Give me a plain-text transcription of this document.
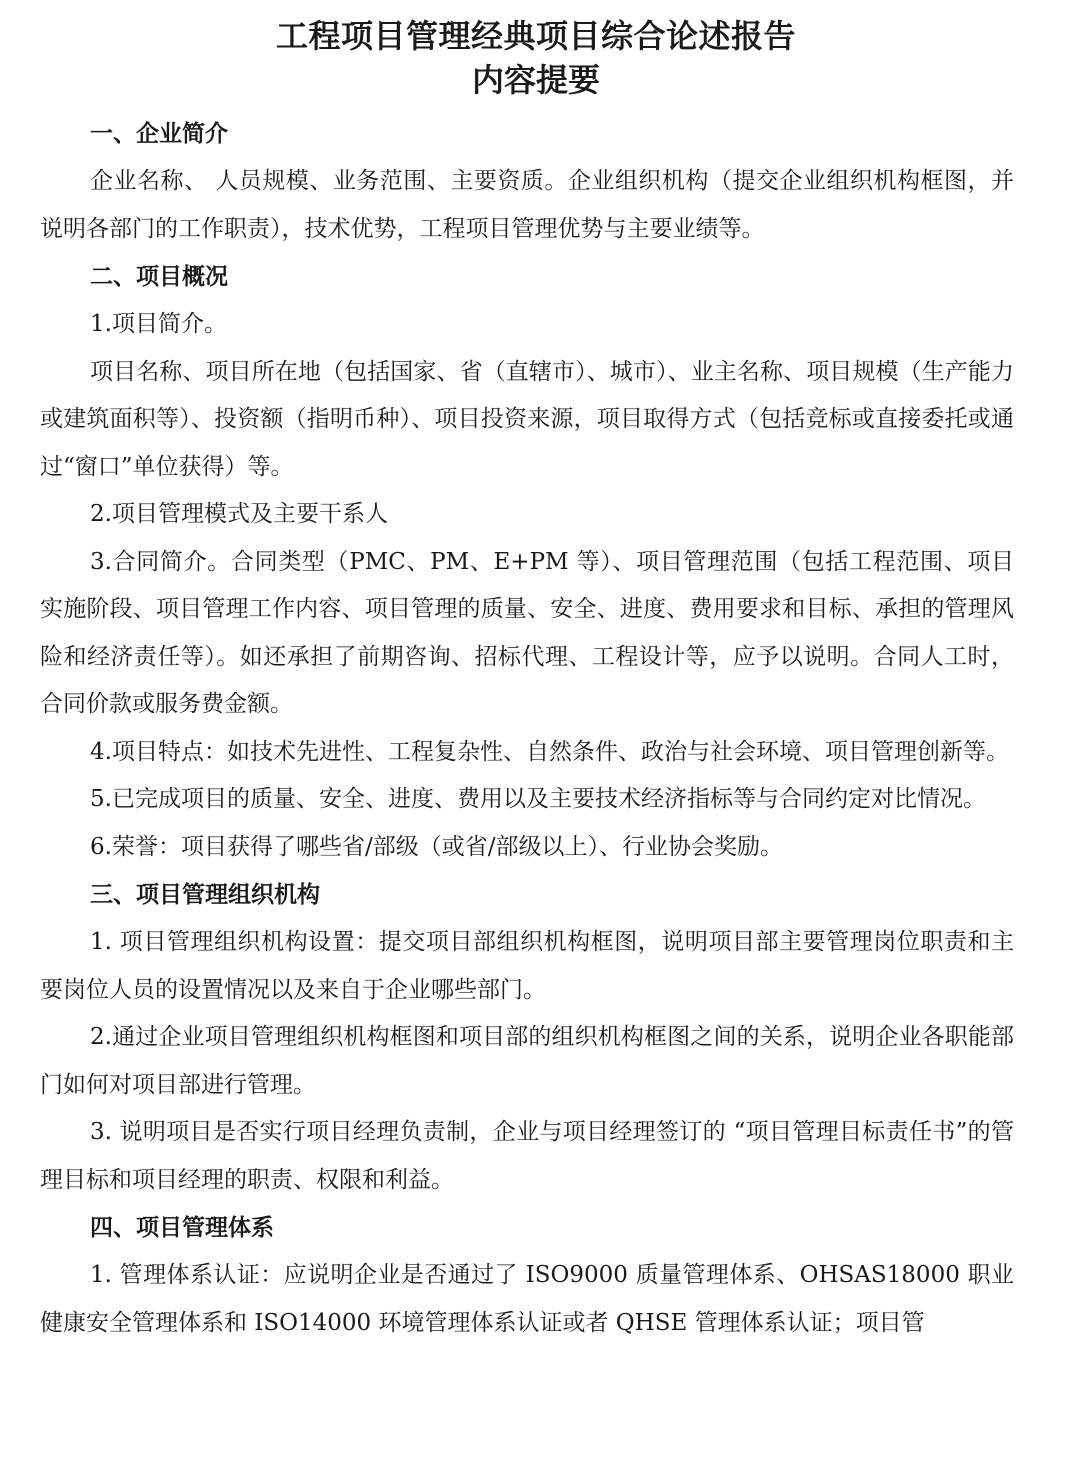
工程项目管理经典项目综合论述报告
内容提要
一、企业简介

企业名称、 人员规模、业务范围、主要资质。企业组织机构（提交企业组织机构框图，并说明各部门的工作职责），技术优势，工程项目管理优势与主要业绩等。

二、项目概况

1.项目简介。

项目名称、项目所在地（包括国家、省（直辖市）、城市）、业主名称、项目规模（生产能力或建筑面积等）、投资额（指明币种）、项目投资来源，项目取得方式（包括竞标或直接委托或通过“窗口”单位获得）等。

2.项目管理模式及主要干系人

3.合同简介。合同类型（PMC、PM、E+PM 等）、项目管理范围（包括工程范围、项目实施阶段、项目管理工作内容、项目管理的质量、安全、进度、费用要求和目标、承担的管理风险和经济责任等）。如还承担了前期咨询、招标代理、工程设计等，应予以说明。合同人工时，合同价款或服务费金额。

4.项目特点：如技术先进性、工程复杂性、自然条件、政治与社会环境、项目管理创新等。

5.已完成项目的质量、安全、进度、费用以及主要技术经济指标等与合同约定对比情况。

6.荣誉：项目获得了哪些省/部级（或省/部级以上）、行业协会奖励。

三、项目管理组织机构

1. 项目管理组织机构设置：提交项目部组织机构框图，说明项目部主要管理岗位职责和主要岗位人员的设置情况以及来自于企业哪些部门。

2.通过企业项目管理组织机构框图和项目部的组织机构框图之间的关系，说明企业各职能部门如何对项目部进行管理。

3. 说明项目是否实行项目经理负责制，企业与项目经理签订的 “项目管理目标责任书”的管理目标和项目经理的职责、权限和利益。

四、项目管理体系

1. 管理体系认证：应说明企业是否通过了 ISO9000 质量管理体系、OHSAS18000 职业健康安全管理体系和 ISO14000 环境管理体系认证或者 QHSE 管理体系认证；项目管
